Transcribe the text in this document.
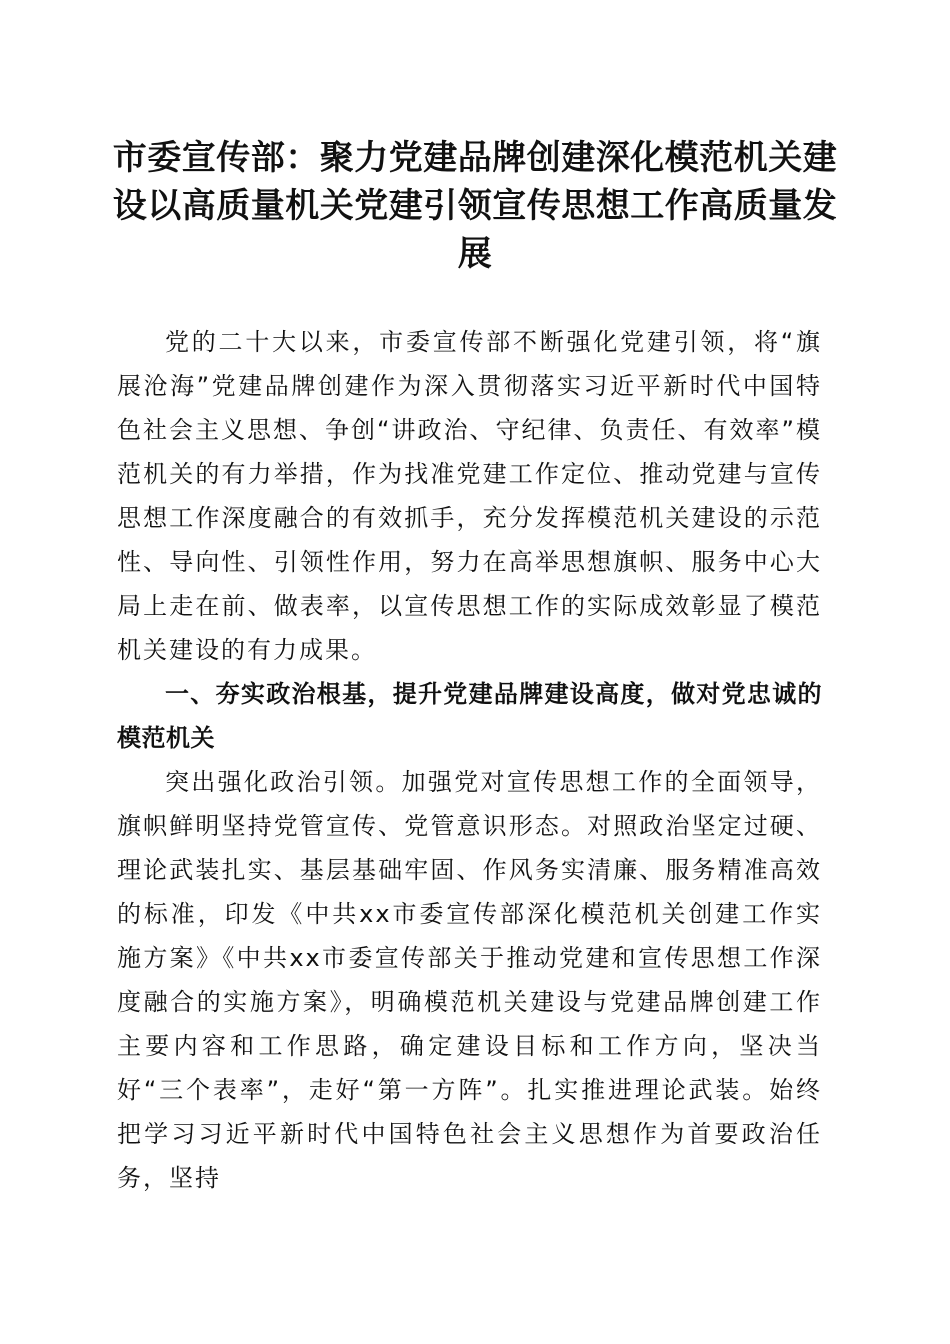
市委宣传部：聚力党建品牌创建深化模范机关建设以高质量机关党建引领宣传思想工作高质量发展

党的二十大以来，市委宣传部不断强化党建引领，将“旗展沧海”党建品牌创建作为深入贯彻落实习近平新时代中国特色社会主义思想、争创“讲政治、守纪律、负责任、有效率”模范机关的有力举措，作为找准党建工作定位、推动党建与宣传思想工作深度融合的有效抓手，充分发挥模范机关建设的示范性、导向性、引领性作用，努力在高举思想旗帜、服务中心大局上走在前、做表率，以宣传思想工作的实际成效彰显了模范机关建设的有力成果。

一、夯实政治根基，提升党建品牌建设高度，做对党忠诚的模范机关

突出强化政治引领。加强党对宣传思想工作的全面领导，旗帜鲜明坚持党管宣传、党管意识形态。对照政治坚定过硬、理论武装扎实、基层基础牢固、作风务实清廉、服务精准高效的标准，印发《中共xx市委宣传部深化模范机关创建工作实施方案》《中共xx市委宣传部关于推动党建和宣传思想工作深度融合的实施方案》，明确模范机关建设与党建品牌创建工作主要内容和工作思路，确定建设目标和工作方向，坚决当好“三个表率”，走好“第一方阵”。扎实推进理论武装。始终把学习习近平新时代中国特色社会主义思想作为首要政治任务，坚持
